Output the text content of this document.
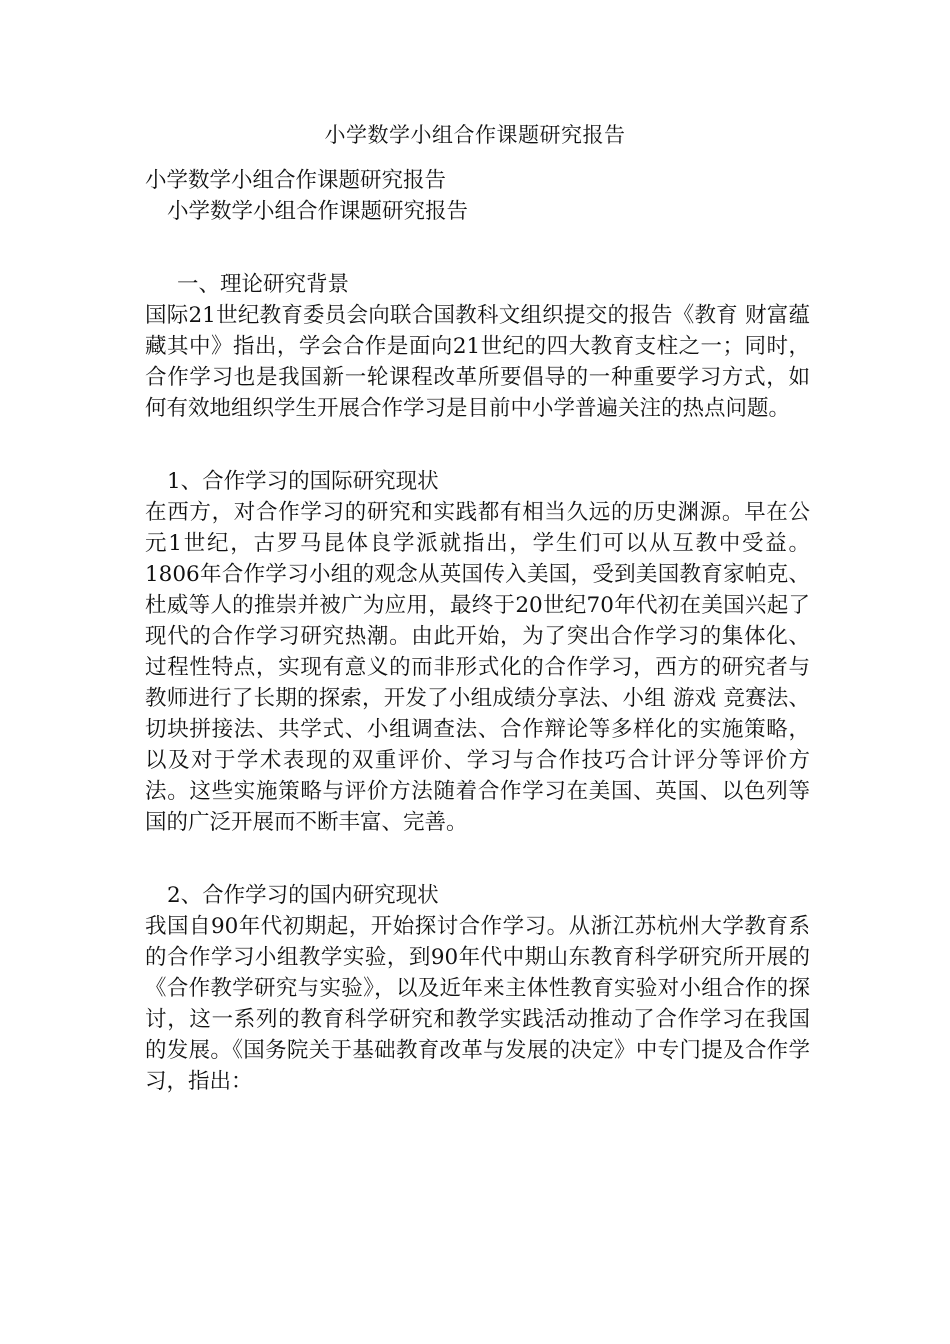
小学数学小组合作课题研究报告

小学数学小组合作课题研究报告

小学数学小组合作课题研究报告

一、理论研究背景

国际21世纪教育委员会向联合国教科文组织提交的报告《教育 财富蕴藏其中》指出，学会合作是面向21世纪的四大教育支柱之一；同时，合作学习也是我国新一轮课程改革所要倡导的一种重要学习方式，如何有效地组织学生开展合作学习是目前中小学普遍关注的热点问题。

1、合作学习的国际研究现状

在西方，对合作学习的研究和实践都有相当久远的历史渊源。早在公元1世纪，古罗马昆体良学派就指出，学生们可以从互教中受益。1806年合作学习小组的观念从英国传入美国，受到美国教育家帕克、杜威等人的推崇并被广为应用，最终于20世纪70年代初在美国兴起了现代的合作学习研究热潮。由此开始，为了突出合作学习的集体化、过程性特点，实现有意义的而非形式化的合作学习，西方的研究者与教师进行了长期的探索，开发了小组成绩分享法、小组 游戏 竞赛法、切块拼接法、共学式、小组调查法、合作辩论等多样化的实施策略，以及对于学术表现的双重评价、学习与合作技巧合计评分等评价方法。这些实施策略与评价方法随着合作学习在美国、英国、以色列等国的广泛开展而不断丰富、完善。

2、合作学习的国内研究现状

我国自90年代初期起，开始探讨合作学习。从浙江苏杭州大学教育系的合作学习小组教学实验，到90年代中期山东教育科学研究所开展的《合作教学研究与实验》，以及近年来主体性教育实验对小组合作的探讨，这一系列的教育科学研究和教学实践活动推动了合作学习在我国的发展。《国务院关于基础教育改革与发展的决定》中专门提及合作学习，指出：
